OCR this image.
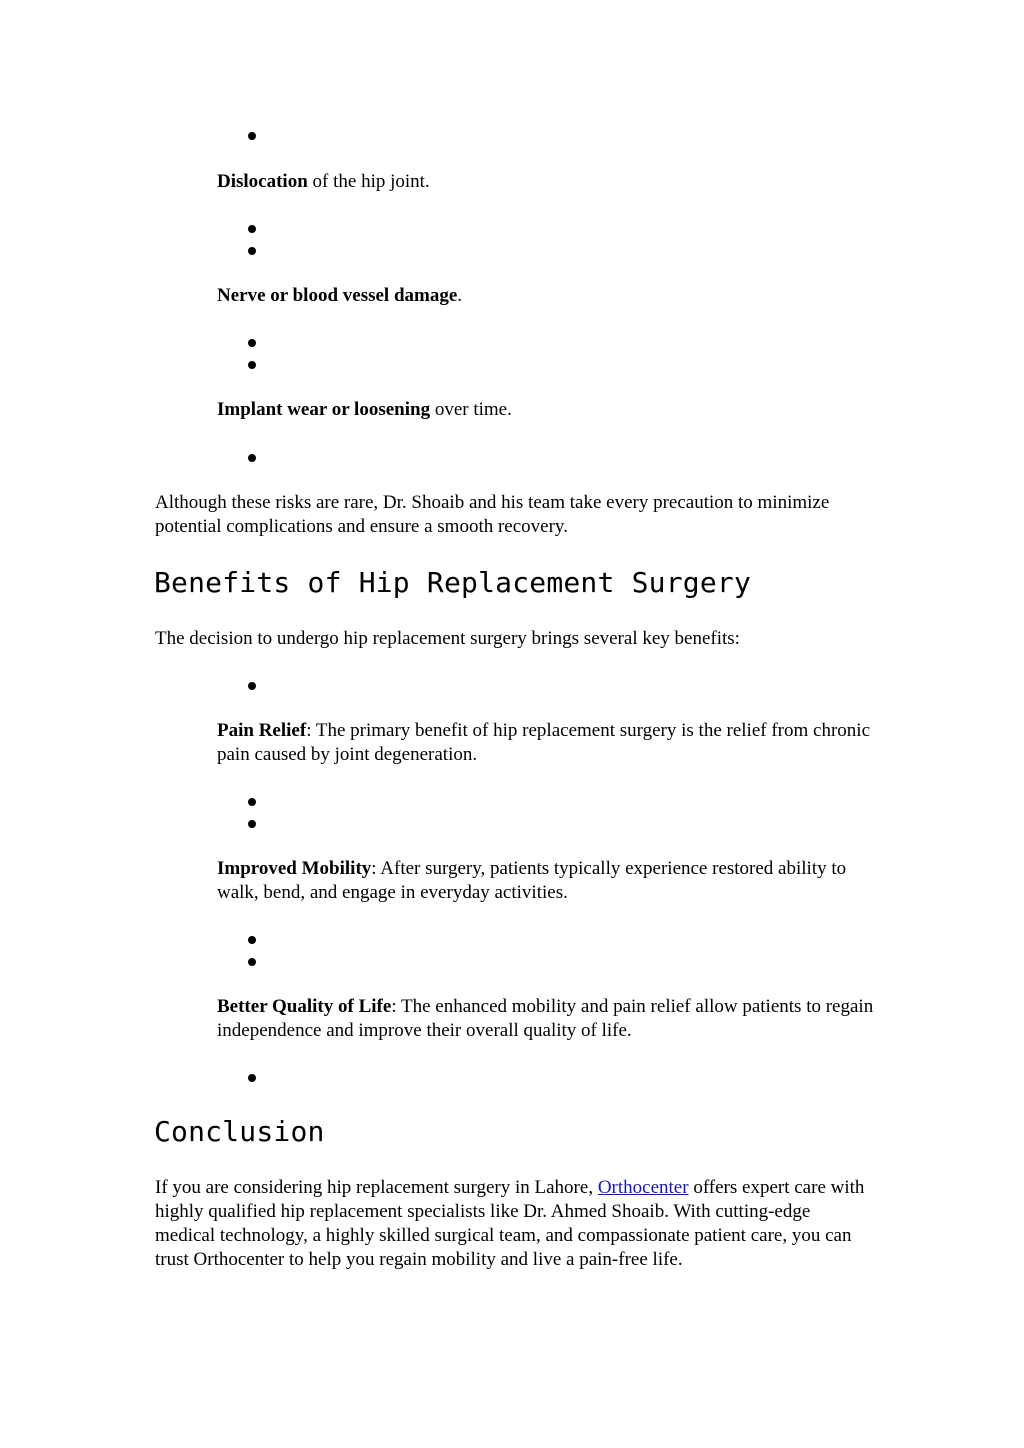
Dislocation of the hip joint.
Nerve or blood vessel damage.
Implant wear or loosening over time.

Although these risks are rare, Dr. Shoaib and his team take every precaution to minimize potential complications and ensure a smooth recovery.

Benefits of Hip Replacement Surgery

The decision to undergo hip replacement surgery brings several key benefits:

Pain Relief: The primary benefit of hip replacement surgery is the relief from chronic pain caused by joint degeneration.
Improved Mobility: After surgery, patients typically experience restored ability to walk, bend, and engage in everyday activities.
Better Quality of Life: The enhanced mobility and pain relief allow patients to regain independence and improve their overall quality of life.
Conclusion

If you are considering hip replacement surgery in Lahore, Orthocenter offers expert care with highly qualified hip replacement specialists like Dr. Ahmed Shoaib. With cutting-edge medical technology, a highly skilled surgical team, and compassionate patient care, you can trust Orthocenter to help you regain mobility and live a pain-free life.
